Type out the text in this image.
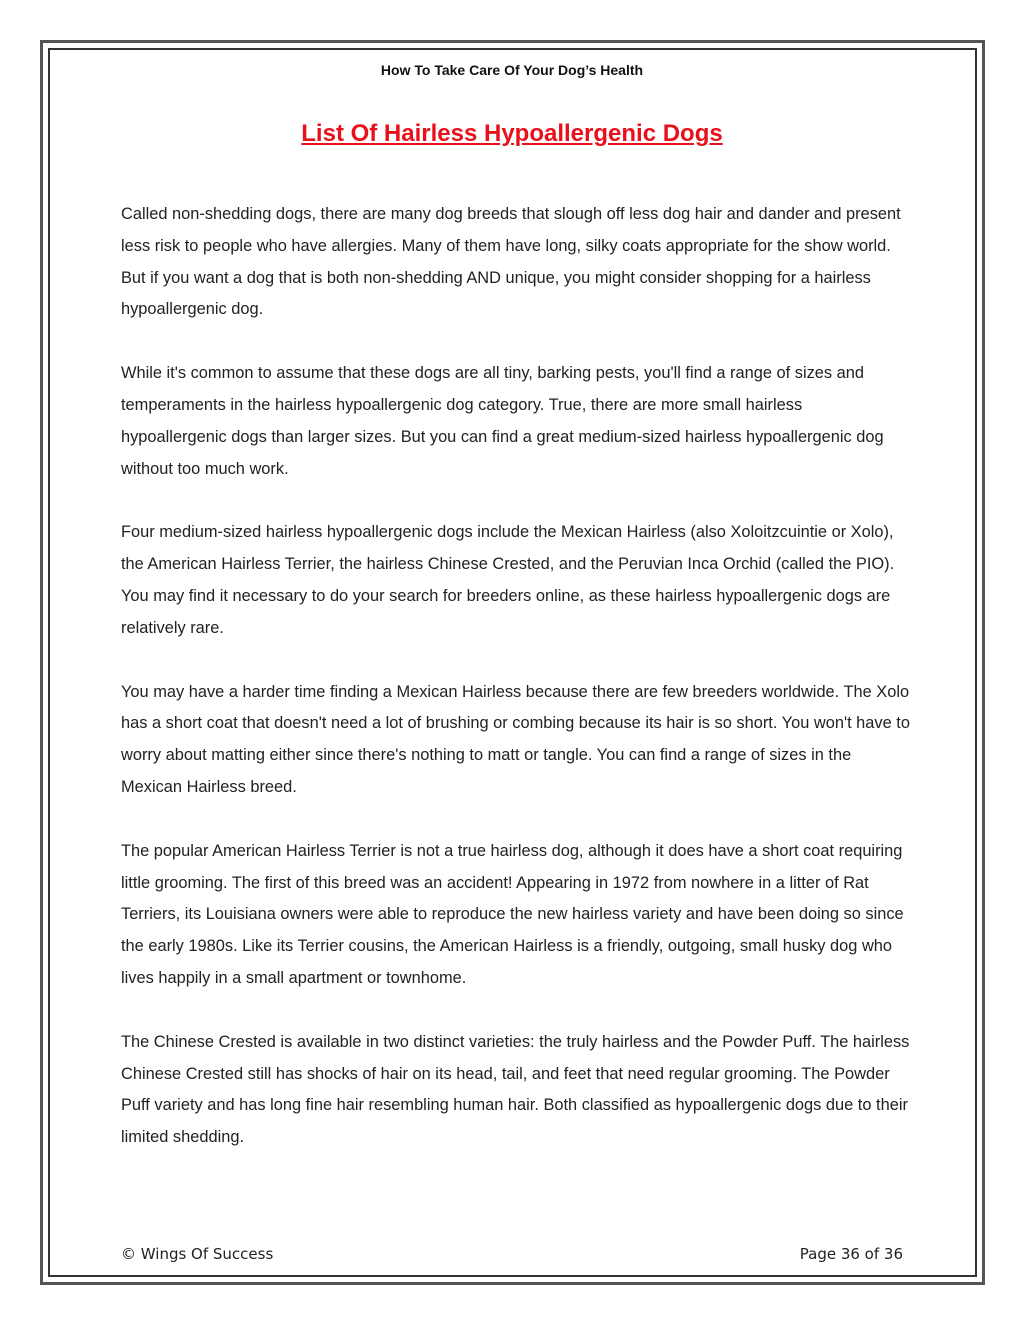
How To Take Care Of Your Dog’s Health
List Of Hairless Hypoallergenic Dogs

Called non-shedding dogs, there are many dog breeds that slough off less dog hair and dander and present less risk to people who have allergies. Many of them have long, silky coats appropriate for the show world. But if you want a dog that is both non-shedding AND unique, you might consider shopping for a hairless hypoallergenic dog.

While it's common to assume that these dogs are all tiny, barking pests, you'll find a range of sizes and temperaments in the hairless hypoallergenic dog category. True, there are more small hairless hypoallergenic dogs than larger sizes. But you can find a great medium-sized hairless hypoallergenic dog without too much work.

Four medium-sized hairless hypoallergenic dogs include the Mexican Hairless (also Xoloitzcuintie or Xolo), the American Hairless Terrier, the hairless Chinese Crested, and the Peruvian Inca Orchid (called the PIO). You may find it necessary to do your search for breeders online, as these hairless hypoallergenic dogs are relatively rare.

You may have a harder time finding a Mexican Hairless because there are few breeders worldwide. The Xolo has a short coat that doesn't need a lot of brushing or combing because its hair is so short. You won't have to worry about matting either since there's nothing to matt or tangle. You can find a range of sizes in the Mexican Hairless breed.

The popular American Hairless Terrier is not a true hairless dog, although it does have a short coat requiring little grooming. The first of this breed was an accident! Appearing in 1972 from nowhere in a litter of Rat Terriers, its Louisiana owners were able to reproduce the new hairless variety and have been doing so since the early 1980s. Like its Terrier cousins, the American Hairless is a friendly, outgoing, small husky dog who lives happily in a small apartment or townhome.

The Chinese Crested is available in two distinct varieties: the truly hairless and the Powder Puff. The hairless Chinese Crested still has shocks of hair on its head, tail, and feet that need regular grooming. The Powder Puff variety and has long fine hair resembling human hair. Both classified as hypoallergenic dogs due to their limited shedding.

© Wings Of Success	Page 36 of 36
